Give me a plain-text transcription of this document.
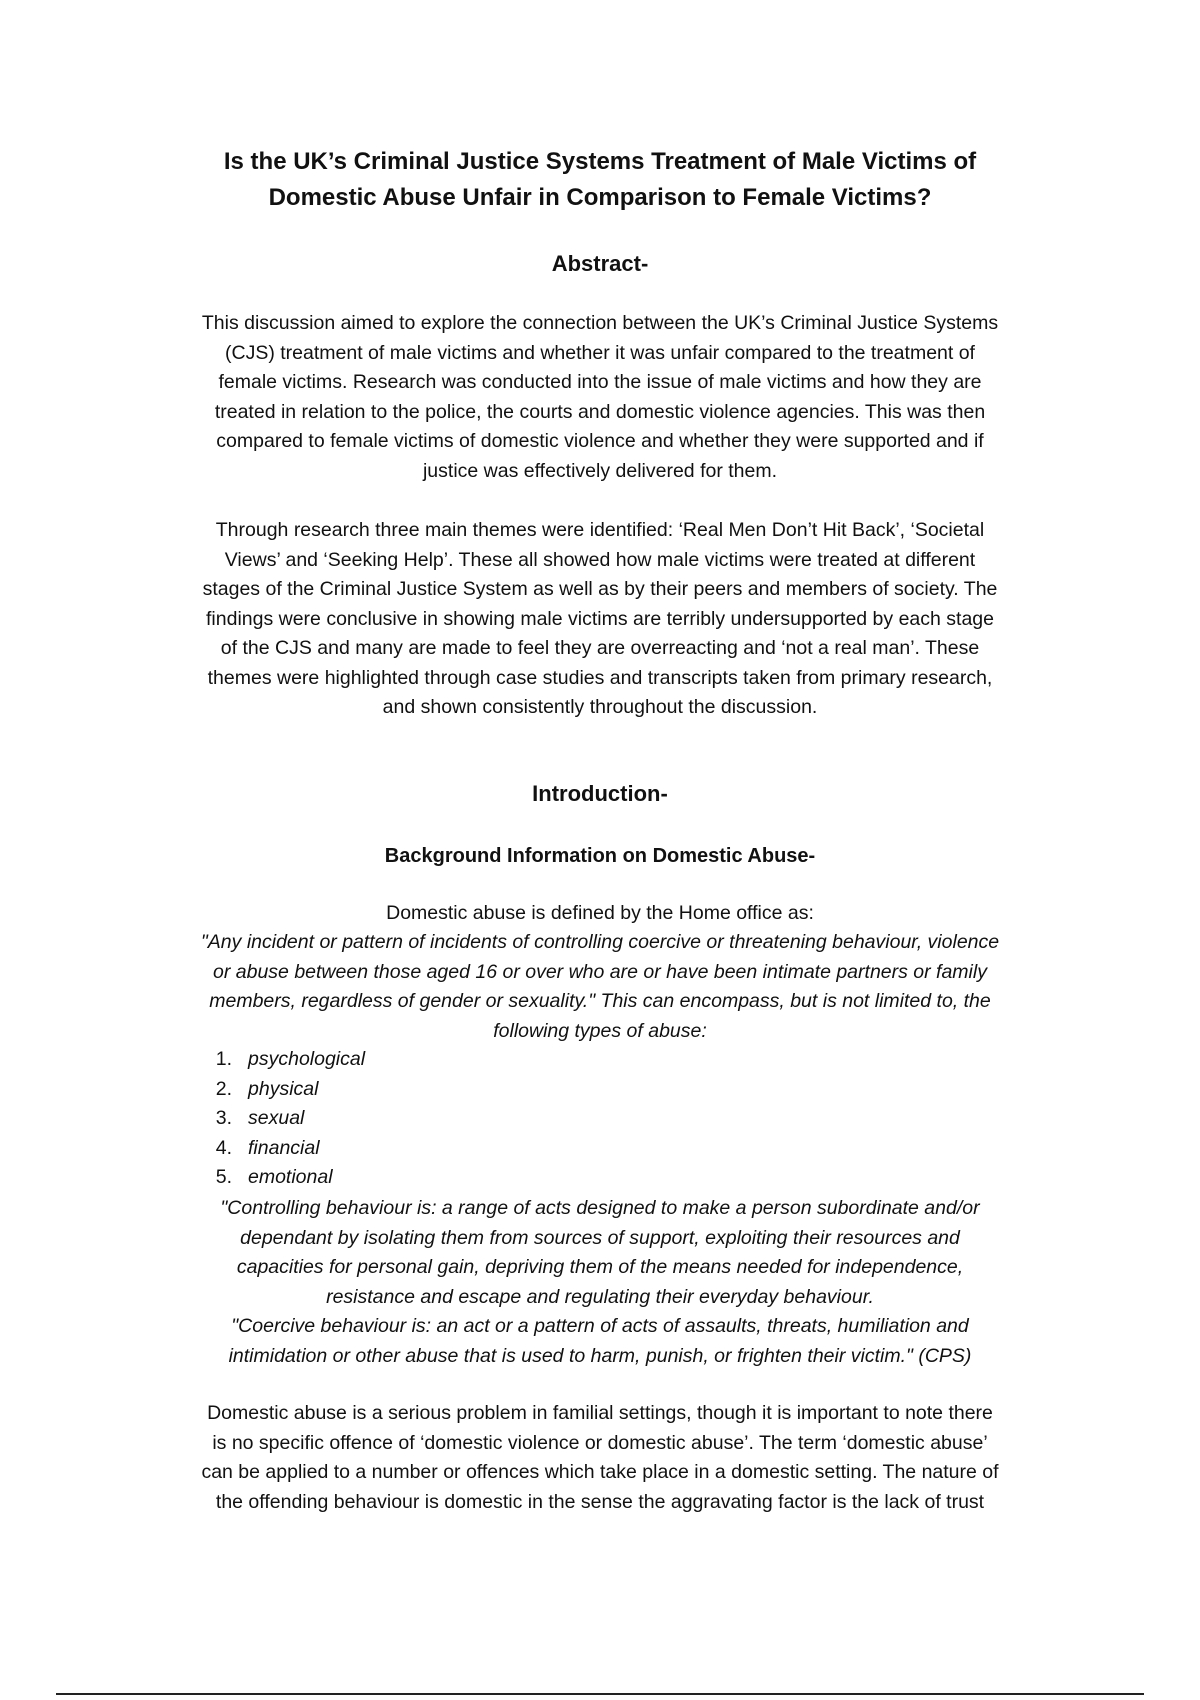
Is the UK’s Criminal Justice Systems Treatment of Male Victims of
Domestic Abuse Unfair in Comparison to Female Victims?
Abstract-

This discussion aimed to explore the connection between the UK’s Criminal Justice Systems
(CJS) treatment of male victims and whether it was unfair compared to the treatment of
female victims. Research was conducted into the issue of male victims and how they are
treated in relation to the police, the courts and domestic violence agencies. This was then
compared to female victims of domestic violence and whether they were supported and if
justice was effectively delivered for them.

Through research three main themes were identified: ‘Real Men Don’t Hit Back’, ‘Societal
Views’ and ‘Seeking Help’. These all showed how male victims were treated at different
stages of the Criminal Justice System as well as by their peers and members of society. The
findings were conclusive in showing male victims are terribly undersupported by each stage
of the CJS and many are made to feel they are overreacting and ‘not a real man’. These
themes were highlighted through case studies and transcripts taken from primary research,
and shown consistently throughout the discussion.

Introduction-
Background Information on Domestic Abuse-

Domestic abuse is defined by the Home office as:

"Any incident or pattern of incidents of controlling coercive or threatening behaviour, violence
or abuse between those aged 16 or over who are or have been intimate partners or family
members, regardless of gender or sexuality." This can encompass, but is not limited to, the
following types of abuse:

1. psychological
2. physical
3. sexual
4. financial
5. emotional

"Controlling behaviour is: a range of acts designed to make a person subordinate and/or
dependant by isolating them from sources of support, exploiting their resources and
capacities for personal gain, depriving them of the means needed for independence,
resistance and escape and regulating their everyday behaviour.

"Coercive behaviour is: an act or a pattern of acts of assaults, threats, humiliation and
intimidation or other abuse that is used to harm, punish, or frighten their victim." (CPS)

Domestic abuse is a serious problem in familial settings, though it is important to note there
is no specific offence of ‘domestic violence or domestic abuse’. The term ‘domestic abuse’
can be applied to a number or offences which take place in a domestic setting. The nature of
the offending behaviour is domestic in the sense the aggravating factor is the lack of trust
